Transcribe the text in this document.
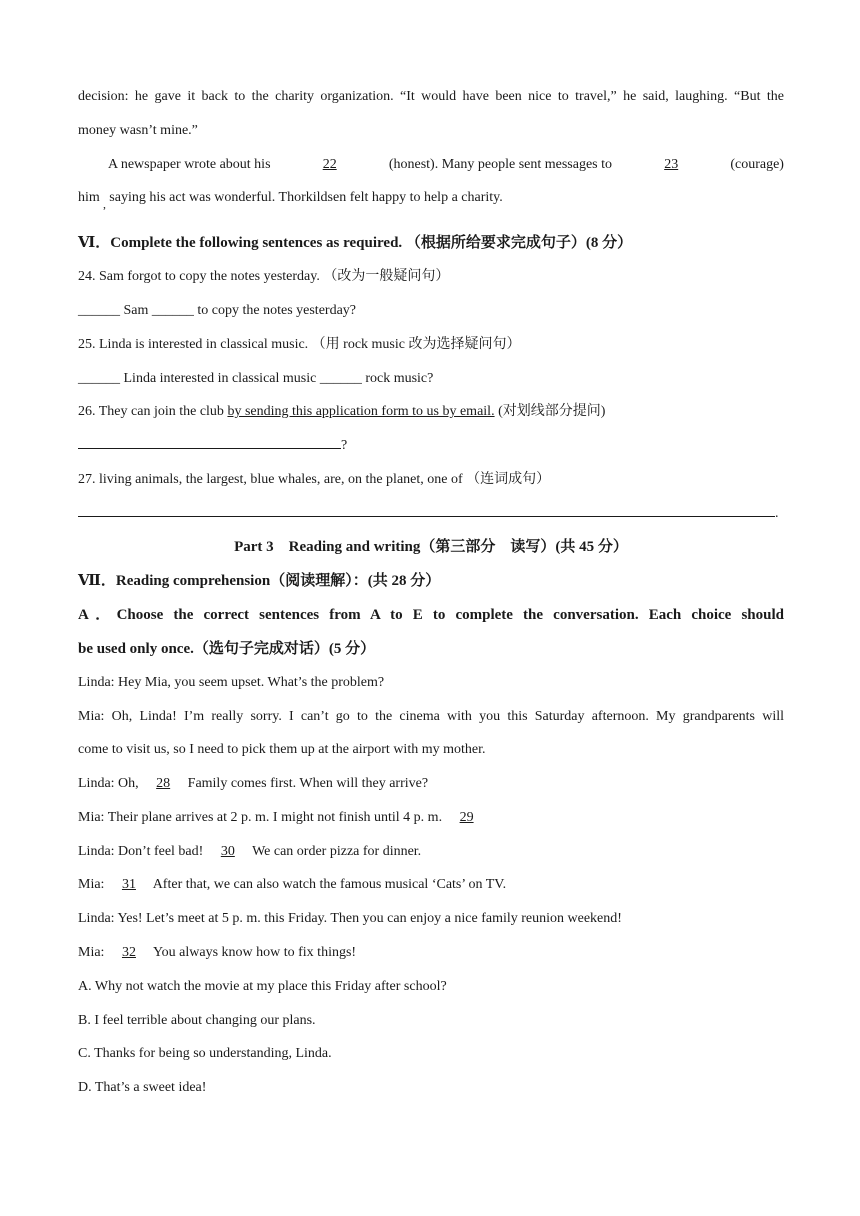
decision: he gave it back to the charity organization. “It would have been nice to travel,” he said, laughing. “But the
money wasn’t mine.”
A newspaper wrote about his	22	(honest). Many people sent messages to	23	(courage)
him , saying his act was wonderful. Thorkildsen felt happy to help a charity.
Ⅵ．Complete the following sentences as required. （根据所给要求完成句子）(8 分）
24. Sam forgot to copy the notes yesterday. （改为一般疑问句）
______ Sam ______ to copy the notes yesterday?
25. Linda is interested in classical music. （用 rock music 改为选择疑问句）
______ Linda interested in classical music ______ rock music?
26. They can join the club by sending this application form to us by email. (对划线部分提问)
?
27. living animals, the largest, blue whales, are, on the planet, one of （连词成句）
.
Part 3　Reading and writing（第三部分　读写）(共 45 分）
Ⅶ．Reading comprehension（阅读理解）：(共 28 分）
A．Choose the correct sentences from A to E to complete the conversation. Each choice should
be used only once.（选句子完成对话）(5 分）
Linda: Hey Mia, you seem upset. What’s the problem?
Mia: Oh, Linda! I’m really sorry. I can’t go to the cinema with you this Saturday afternoon. My grandparents will
come to visit us, so I need to pick them up at the airport with my mother.
Linda: Oh, 28 Family comes first. When will they arrive?
Mia: Their plane arrives at 2 p. m. I might not finish until 4 p. m. 29
Linda: Don’t feel bad! 30 We can order pizza for dinner.
Mia: 31 After that, we can also watch the famous musical ‘Cats’ on TV.
Linda: Yes! Let’s meet at 5 p. m. this Friday. Then you can enjoy a nice family reunion weekend!
Mia: 32 You always know how to fix things!
A. Why not watch the movie at my place this Friday after school?
B. I feel terrible about changing our plans.
C. Thanks for being so understanding, Linda.
D. That’s a sweet idea!
